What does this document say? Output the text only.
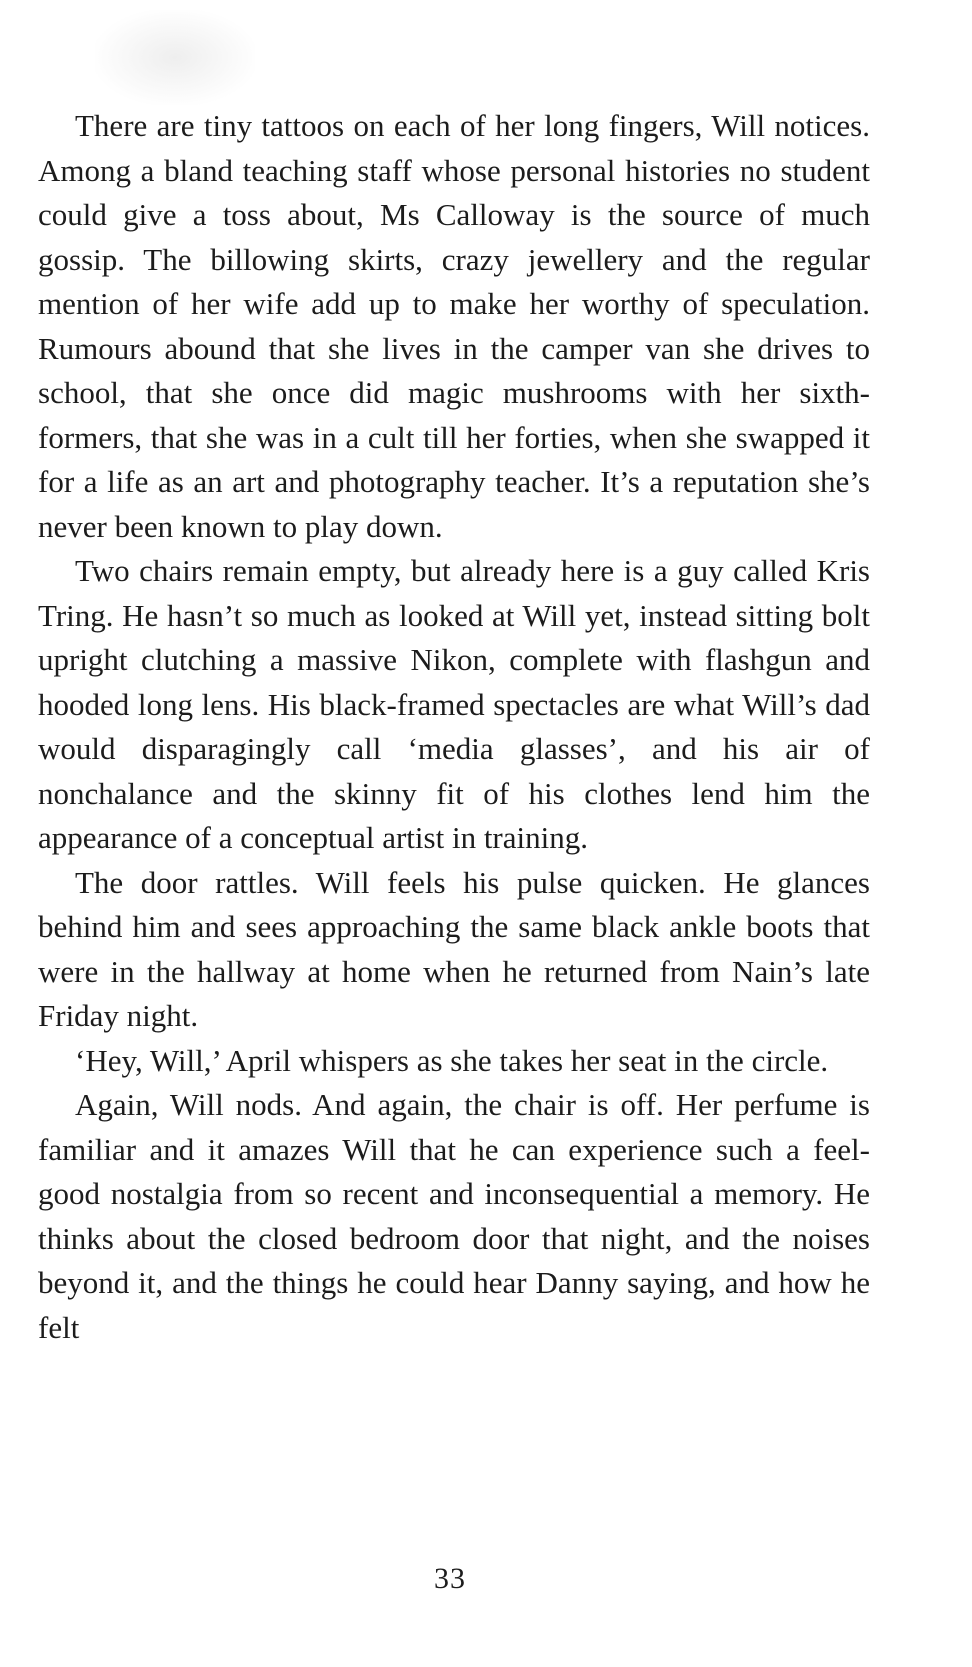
There are tiny tattoos on each of her long fingers, Will notices. Among a bland teaching staff whose personal histories no student could give a toss about, Ms Calloway is the source of much gossip. The billowing skirts, crazy jewellery and the regular mention of her wife add up to make her worthy of speculation. Rumours abound that she lives in the camper van she drives to school, that she once did magic mushrooms with her sixth-formers, that she was in a cult till her forties, when she swapped it for a life as an art and photography teacher. It’s a reputation she’s never been known to play down.

Two chairs remain empty, but already here is a guy called Kris Tring. He hasn’t so much as looked at Will yet, instead sitting bolt upright clutching a massive Nikon, complete with flashgun and hooded long lens. His black-framed spectacles are what Will’s dad would disparagingly call ‘media glasses’, and his air of nonchalance and the skinny fit of his clothes lend him the appearance of a conceptual artist in training.

The door rattles. Will feels his pulse quicken. He glances behind him and sees approaching the same black ankle boots that were in the hallway at home when he returned from Nain’s late Friday night.

‘Hey, Will,’ April whispers as she takes her seat in the circle.

Again, Will nods. And again, the chair is off. Her perfume is familiar and it amazes Will that he can experience such a feel-good nostalgia from so recent and inconsequential a memory. He thinks about the closed bedroom door that night, and the noises beyond it, and the things he could hear Danny saying, and how he felt

33
